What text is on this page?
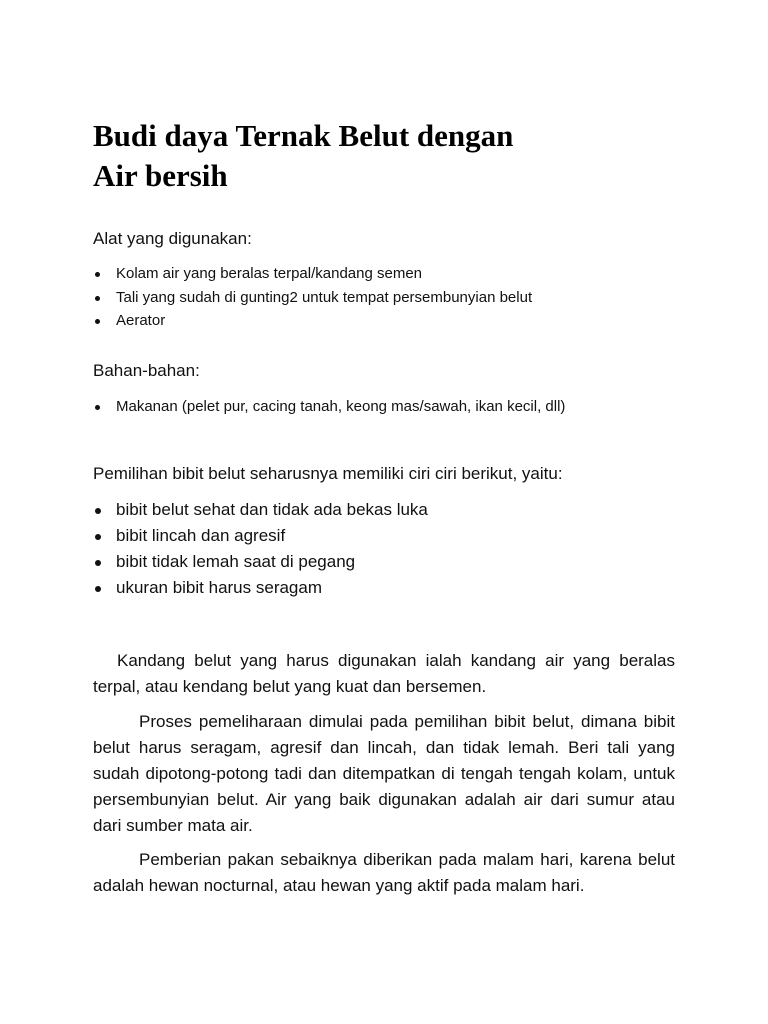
Budi daya Ternak Belut dengan
Air bersih

Alat yang digunakan:

Kolam air yang beralas terpal/kandang semen
Tali yang sudah di gunting2 untuk tempat persembunyian belut
Aerator

Bahan-bahan:

Makanan (pelet pur, cacing tanah, keong mas/sawah, ikan kecil, dll)

Pemilihan bibit belut seharusnya memiliki ciri ciri berikut, yaitu:

bibit belut sehat dan tidak ada bekas luka
bibit lincah dan agresif
bibit tidak lemah saat di pegang
ukuran bibit harus seragam

Kandang belut yang harus digunakan ialah kandang air yang beralas terpal, atau kendang belut yang kuat dan bersemen.

Proses pemeliharaan dimulai pada pemilihan bibit belut, dimana bibit belut harus seragam, agresif dan lincah, dan tidak lemah. Beri tali yang sudah dipotong-potong tadi dan ditempatkan di tengah tengah kolam, untuk persembunyian belut. Air yang baik digunakan adalah air dari sumur atau dari sumber mata air.

Pemberian pakan sebaiknya diberikan pada malam hari, karena belut adalah hewan nocturnal, atau hewan yang aktif pada malam hari.
